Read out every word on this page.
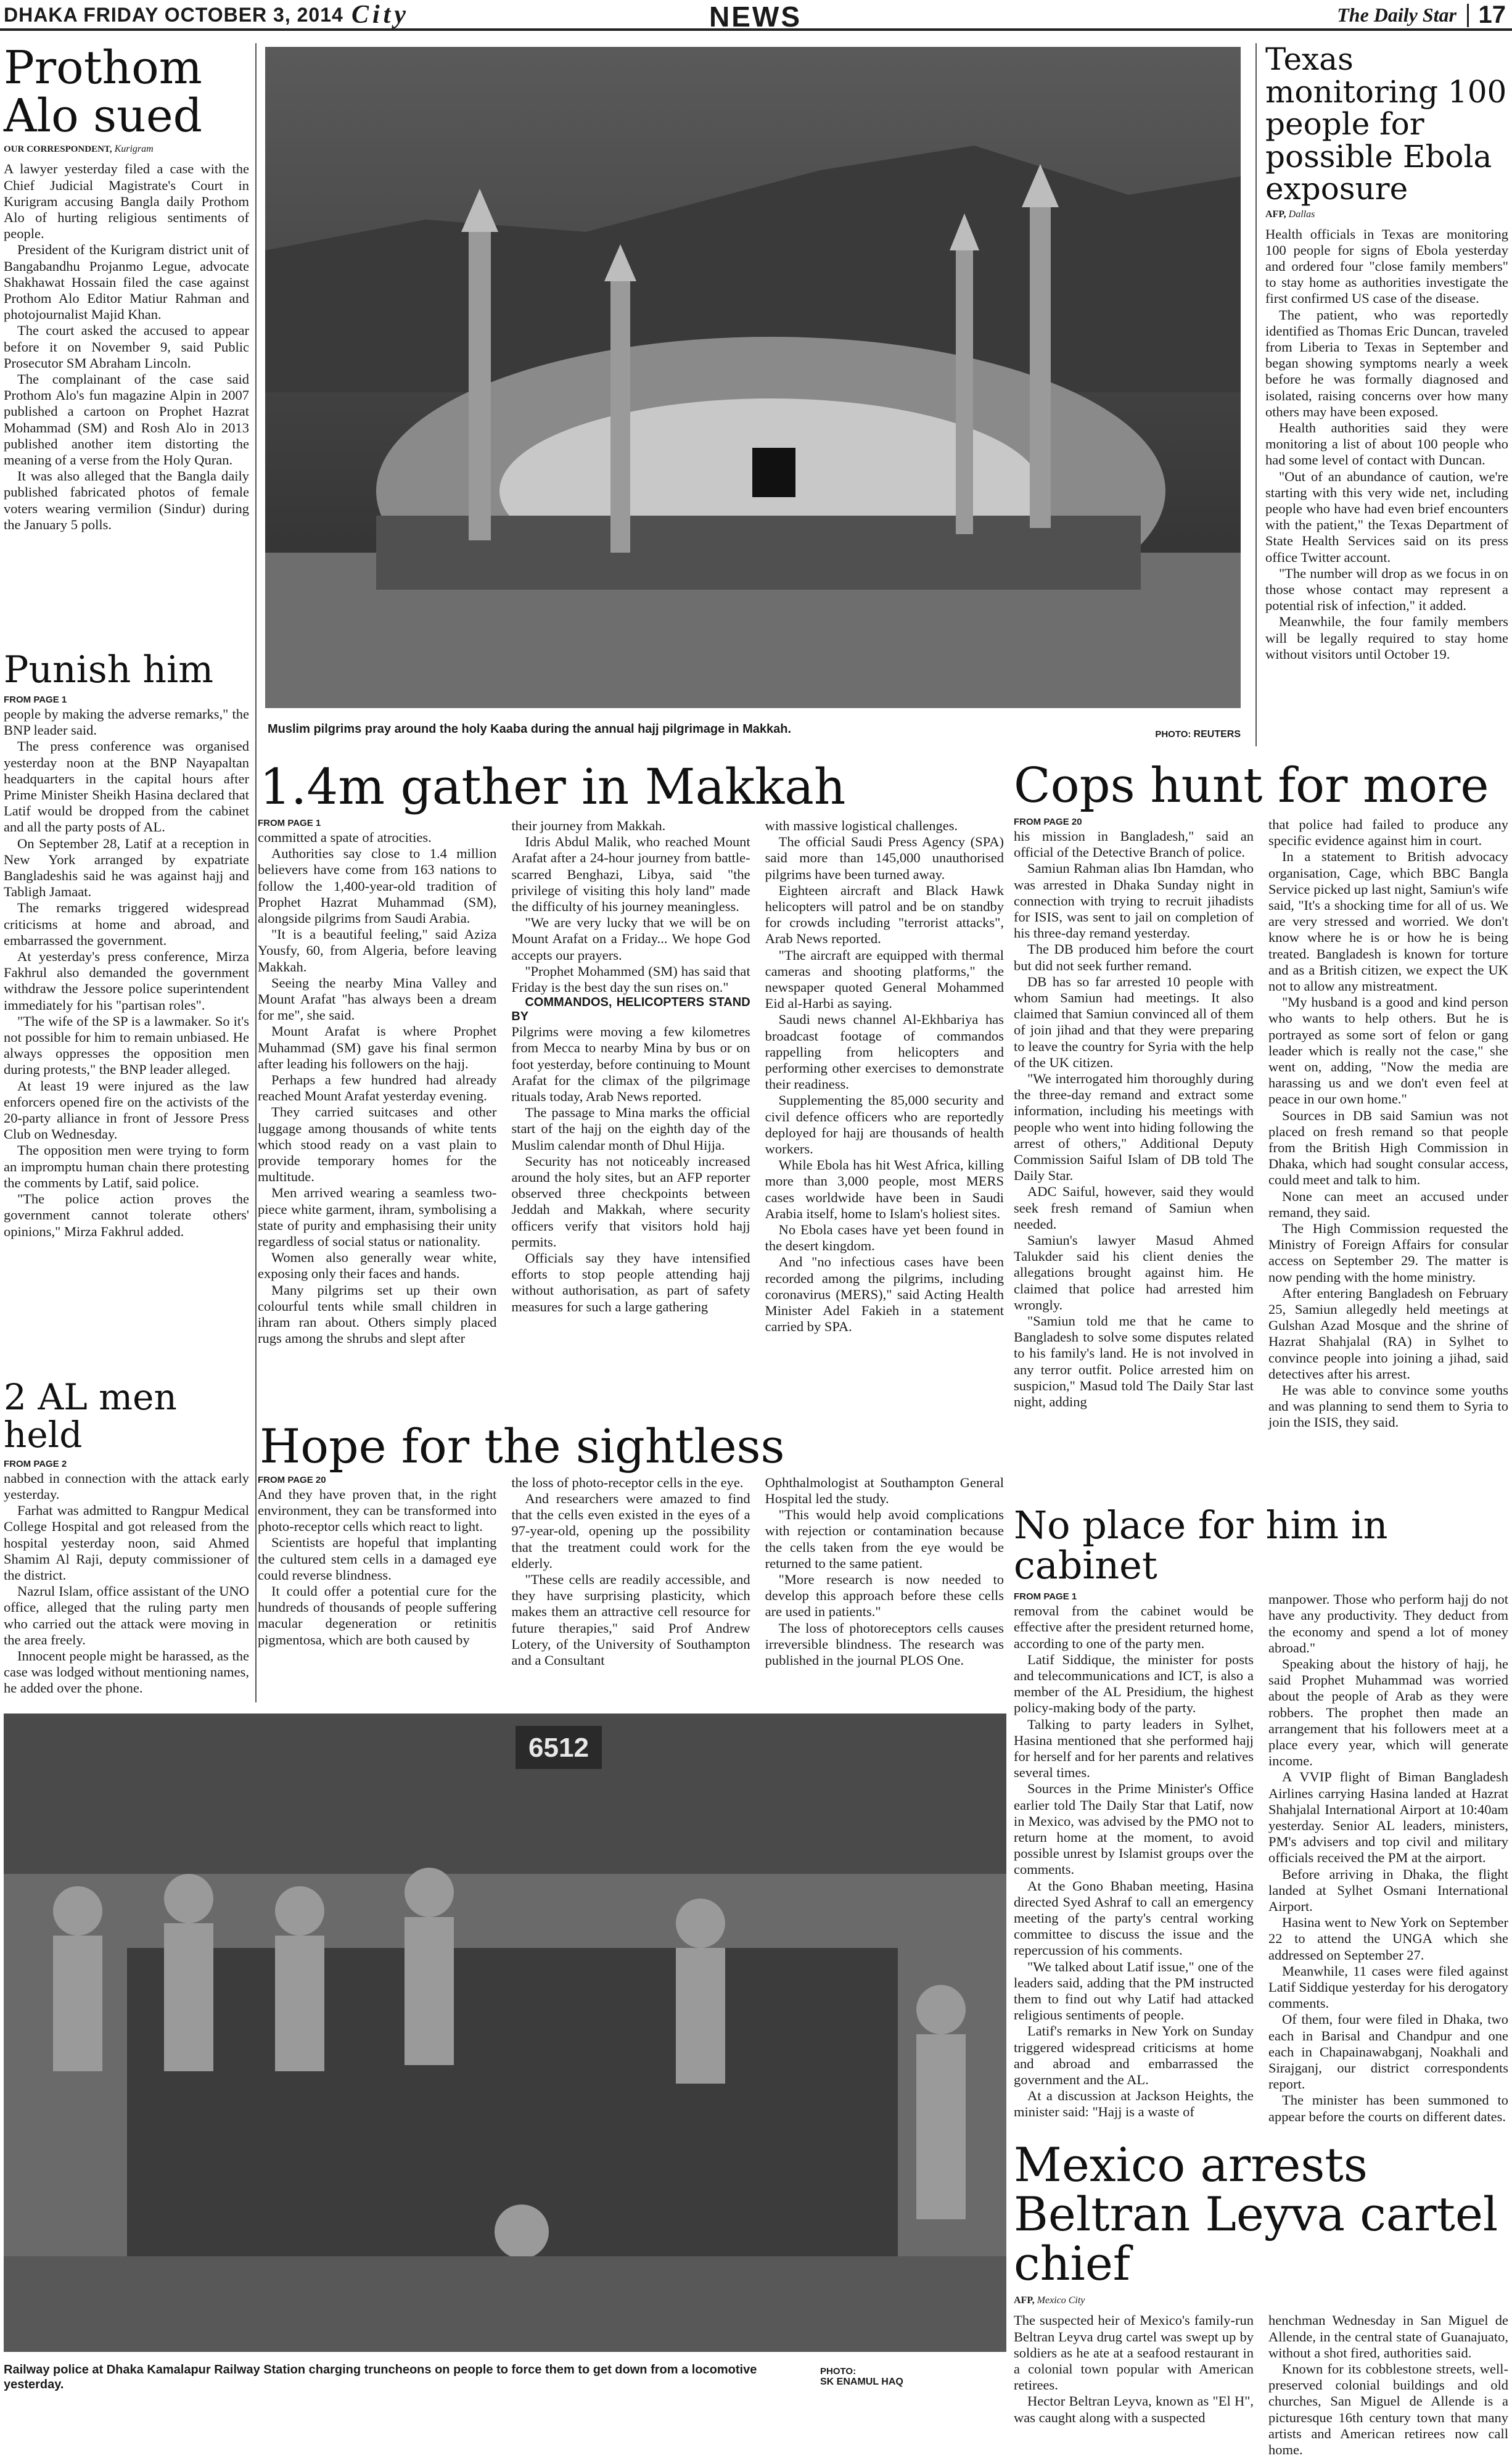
DHAKA FRIDAY OCTOBER 3, 2014 City	NEWS	The Daily Star 17
Prothom Alo sued
OUR CORRESPONDENT, Kurigram

A lawyer yesterday filed a case with the Chief Judicial Magistrate's Court in Kurigram accusing Bangla daily Prothom Alo of hurting religious sentiments of people.

President of the Kurigram district unit of Bangabandhu Projanmo Legue, advocate Shakhawat Hossain filed the case against Prothom Alo Editor Matiur Rahman and photojournalist Majid Khan.

The court asked the accused to appear before it on November 9, said Public Prosecutor SM Abraham Lincoln.

The complainant of the case said Prothom Alo's fun magazine Alpin in 2007 published a cartoon on Prophet Hazrat Mohammad (SM) and Rosh Alo in 2013 published another item distorting the meaning of a verse from the Holy Quran.

It was also alleged that the Bangla daily published fabricated photos of female voters wearing vermilion (Sindur) during the January 5 polls.

Punish him
FROM PAGE 1

people by making the adverse remarks," the BNP leader said.

The press conference was organised yesterday noon at the BNP Nayapaltan headquarters in the capital hours after Prime Minister Sheikh Hasina declared that Latif would be dropped from the cabinet and all the party posts of AL.

On September 28, Latif at a reception in New York arranged by expatriate Bangladeshis said he was against hajj and Tabligh Jamaat.

The remarks triggered widespread criticisms at home and abroad, and embarrassed the government.

At yesterday's press conference, Mirza Fakhrul also demanded the government withdraw the Jessore police superintendent immediately for his "partisan roles".

"The wife of the SP is a lawmaker. So it's not possible for him to remain unbiased. He always oppresses the opposition men during protests," the BNP leader alleged.

At least 19 were injured as the law enforcers opened fire on the activists of the 20-party alliance in front of Jessore Press Club on Wednesday.

The opposition men were trying to form an impromptu human chain there protesting the comments by Latif, said police.

"The police action proves the government cannot tolerate others' opinions," Mirza Fakhrul added.

2 AL men held
FROM PAGE 2

nabbed in connection with the attack early yesterday.

Farhat was admitted to Rangpur Medical College Hospital and got released from the hospital yesterday noon, said Ahmed Shamim Al Raji, deputy commissioner of the district.

Nazrul Islam, office assistant of the UNO office, alleged that the ruling party men who carried out the attack were moving in the area freely.

Innocent people might be harassed, as the case was lodged without mentioning names, he added over the phone.

Muslim pilgrims pray around the holy Kaaba during the annual hajj pilgrimage in Makkah.	PHOTO: REUTERS
1.4m gather in Makkah
FROM PAGE 1

committed a spate of atrocities.

Authorities say close to 1.4 million believers have come from 163 nations to follow the 1,400-year-old tradition of Prophet Hazrat Muhammad (SM), alongside pilgrims from Saudi Arabia.

"It is a beautiful feeling," said Aziza Yousfy, 60, from Algeria, before leaving Makkah.

Seeing the nearby Mina Valley and Mount Arafat "has always been a dream for me", she said.

Mount Arafat is where Prophet Muhammad (SM) gave his final sermon after leading his followers on the hajj.

Perhaps a few hundred had already reached Mount Arafat yesterday evening.

They carried suitcases and other luggage among thousands of white tents which stood ready on a vast plain to provide temporary homes for the multitude.

Men arrived wearing a seamless two-piece white garment, ihram, symbolising a state of purity and emphasising their unity regardless of social status or nationality.

Women also generally wear white, exposing only their faces and hands.

Many pilgrims set up their own colourful tents while small children in ihram ran about. Others simply placed rugs among the shrubs and slept after

their journey from Makkah.

Idris Abdul Malik, who reached Mount Arafat after a 24-hour journey from battle-scarred Benghazi, Libya, said "the privilege of visiting this holy land" made the difficulty of his journey meaningless.

"We are very lucky that we will be on Mount Arafat on a Friday... We hope God accepts our prayers.

"Prophet Mohammed (SM) has said that Friday is the best day the sun rises on."

COMMANDOS, HELICOPTERS STAND BY

Pilgrims were moving a few kilometres from Mecca to nearby Mina by bus or on foot yesterday, before continuing to Mount Arafat for the climax of the pilgrimage rituals today, Arab News reported.

The passage to Mina marks the official start of the hajj on the eighth day of the Muslim calendar month of Dhul Hijja.

Security has not noticeably increased around the holy sites, but an AFP reporter observed three checkpoints between Jeddah and Makkah, where security officers verify that visitors hold hajj permits.

Officials say they have intensified efforts to stop people attending hajj without authorisation, as part of safety measures for such a large gathering

with massive logistical challenges.

The official Saudi Press Agency (SPA) said more than 145,000 unauthorised pilgrims have been turned away.

Eighteen aircraft and Black Hawk helicopters will patrol and be on standby for crowds including "terrorist attacks", Arab News reported.

"The aircraft are equipped with thermal cameras and shooting platforms," the newspaper quoted General Mohammed Eid al-Harbi as saying.

Saudi news channel Al-Ekhbariya has broadcast footage of commandos rappelling from helicopters and performing other exercises to demonstrate their readiness.

Supplementing the 85,000 security and civil defence officers who are reportedly deployed for hajj are thousands of health workers.

While Ebola has hit West Africa, killing more than 3,000 people, most MERS cases worldwide have been in Saudi Arabia itself, home to Islam's holiest sites.

No Ebola cases have yet been found in the desert kingdom.

And "no infectious cases have been recorded among the pilgrims, including coronavirus (MERS)," said Acting Health Minister Adel Fakieh in a statement carried by SPA.

Hope for the sightless
FROM PAGE 20

And they have proven that, in the right environment, they can be transformed into photo-receptor cells which react to light.

Scientists are hopeful that implanting the cultured stem cells in a damaged eye could reverse blindness.

It could offer a potential cure for the hundreds of thousands of people suffering macular degeneration or retinitis pigmentosa, which are both caused by

the loss of photo-receptor cells in the eye.

And researchers were amazed to find that the cells even existed in the eyes of a 97-year-old, opening up the possibility that the treatment could work for the elderly.

"These cells are readily accessible, and they have surprising plasticity, which makes them an attractive cell resource for future therapies," said Prof Andrew Lotery, of the University of Southampton and a Consultant

Ophthalmologist at Southampton General Hospital led the study.

"This would help avoid complications with rejection or contamination because the cells taken from the eye would be returned to the same patient.

"More research is now needed to develop this approach before these cells are used in patients."

The loss of photoreceptors cells causes irreversible blindness. The research was published in the journal PLOS One.

6512
Railway police at Dhaka Kamalapur Railway Station charging truncheons on people to force them to get down from a locomotive yesterday.
PHOTO:
SK ENAMUL HAQ
Texas monitoring 100 people for possible Ebola exposure
AFP, Dallas

Health officials in Texas are monitoring 100 people for signs of Ebola yesterday and ordered four "close family members" to stay home as authorities investigate the first confirmed US case of the disease.

The patient, who was reportedly identified as Thomas Eric Duncan, traveled from Liberia to Texas in September and began showing symptoms nearly a week before he was formally diagnosed and isolated, raising concerns over how many others may have been exposed.

Health authorities said they were monitoring a list of about 100 people who had some level of contact with Duncan.

"Out of an abundance of caution, we're starting with this very wide net, including people who have had even brief encounters with the patient," the Texas Department of State Health Services said on its press office Twitter account.

"The number will drop as we focus in on those whose contact may represent a potential risk of infection," it added.

Meanwhile, the four family members will be legally required to stay home without visitors until October 19.

Cops hunt for more
FROM PAGE 20

his mission in Bangladesh," said an official of the Detective Branch of police.

Samiun Rahman alias Ibn Hamdan, who was arrested in Dhaka Sunday night in connection with trying to recruit jihadists for ISIS, was sent to jail on completion of his three-day remand yesterday.

The DB produced him before the court but did not seek further remand.

DB has so far arrested 10 people with whom Samiun had meetings. It also claimed that Samiun convinced all of them of join jihad and that they were preparing to leave the country for Syria with the help of the UK citizen.

"We interrogated him thoroughly during the three-day remand and extract some information, including his meetings with people who went into hiding following the arrest of others," Additional Deputy Commission Saiful Islam of DB told The Daily Star.

ADC Saiful, however, said they would seek fresh remand of Samiun when needed.

Samiun's lawyer Masud Ahmed Talukder said his client denies the allegations brought against him. He claimed that police had arrested him wrongly.

"Samiun told me that he came to Bangladesh to solve some disputes related to his family's land. He is not involved in any terror outfit. Police arrested him on suspicion," Masud told The Daily Star last night, adding

that police had failed to produce any specific evidence against him in court.

In a statement to British advocacy organisation, Cage, which BBC Bangla Service picked up last night, Samiun's wife said, "It's a shocking time for all of us. We are very stressed and worried. We don't know where he is or how he is being treated. Bangladesh is known for torture and as a British citizen, we expect the UK not to allow any mistreatment.

"My husband is a good and kind person who wants to help others. But he is portrayed as some sort of felon or gang leader which is really not the case," she went on, adding, "Now the media are harassing us and we don't even feel at peace in our own home."

Sources in DB said Samiun was not placed on fresh remand so that people from the British High Commission in Dhaka, which had sought consular access, could meet and talk to him.

None can meet an accused under remand, they said.

The High Commission requested the Ministry of Foreign Affairs for consular access on September 29. The matter is now pending with the home ministry.

After entering Bangladesh on February 25, Samiun allegedly held meetings at Gulshan Azad Mosque and the shrine of Hazrat Shahjalal (RA) in Sylhet to convince people into joining a jihad, said detectives after his arrest.

He was able to convince some youths and was planning to send them to Syria to join the ISIS, they said.

No place for him in cabinet
FROM PAGE 1

removal from the cabinet would be effective after the president returned home, according to one of the party men.

Latif Siddique, the minister for posts and telecommunications and ICT, is also a member of the AL Presidium, the highest policy-making body of the party.

Talking to party leaders in Sylhet, Hasina mentioned that she performed hajj for herself and for her parents and relatives several times.

Sources in the Prime Minister's Office earlier told The Daily Star that Latif, now in Mexico, was advised by the PMO not to return home at the moment, to avoid possible unrest by Islamist groups over the comments.

At the Gono Bhaban meeting, Hasina directed Syed Ashraf to call an emergency meeting of the party's central working committee to discuss the issue and the repercussion of his comments.

"We talked about Latif issue," one of the leaders said, adding that the PM instructed them to find out why Latif had attacked religious sentiments of people.

Latif's remarks in New York on Sunday triggered widespread criticisms at home and abroad and embarrassed the government and the AL.

At a discussion at Jackson Heights, the minister said: "Hajj is a waste of

manpower. Those who perform hajj do not have any productivity. They deduct from the economy and spend a lot of money abroad."

Speaking about the history of hajj, he said Prophet Muhammad was worried about the people of Arab as they were robbers. The prophet then made an arrangement that his followers meet at a place every year, which will generate income.

A VVIP flight of Biman Bangladesh Airlines carrying Hasina landed at Hazrat Shahjalal International Airport at 10:40am yesterday. Senior AL leaders, ministers, PM's advisers and top civil and military officials received the PM at the airport.

Before arriving in Dhaka, the flight landed at Sylhet Osmani International Airport.

Hasina went to New York on September 22 to attend the UNGA which she addressed on September 27.

Meanwhile, 11 cases were filed against Latif Siddique yesterday for his derogatory comments.

Of them, four were filed in Dhaka, two each in Barisal and Chandpur and one each in Chapainawabganj, Noakhali and Sirajganj, our district correspondents report.

The minister has been summoned to appear before the courts on different dates.

Mexico arrests Beltran Leyva cartel chief
AFP, Mexico City

The suspected heir of Mexico's family-run Beltran Leyva drug cartel was swept up by soldiers as he ate at a seafood restaurant in a colonial town popular with American retirees.

Hector Beltran Leyva, known as "El H", was caught along with a suspected

henchman Wednesday in San Miguel de Allende, in the central state of Guanajuato, without a shot fired, authorities said.

Known for its cobblestone streets, well-preserved colonial buildings and old churches, San Miguel de Allende is a picturesque 16th century town that many artists and American retirees now call home.
